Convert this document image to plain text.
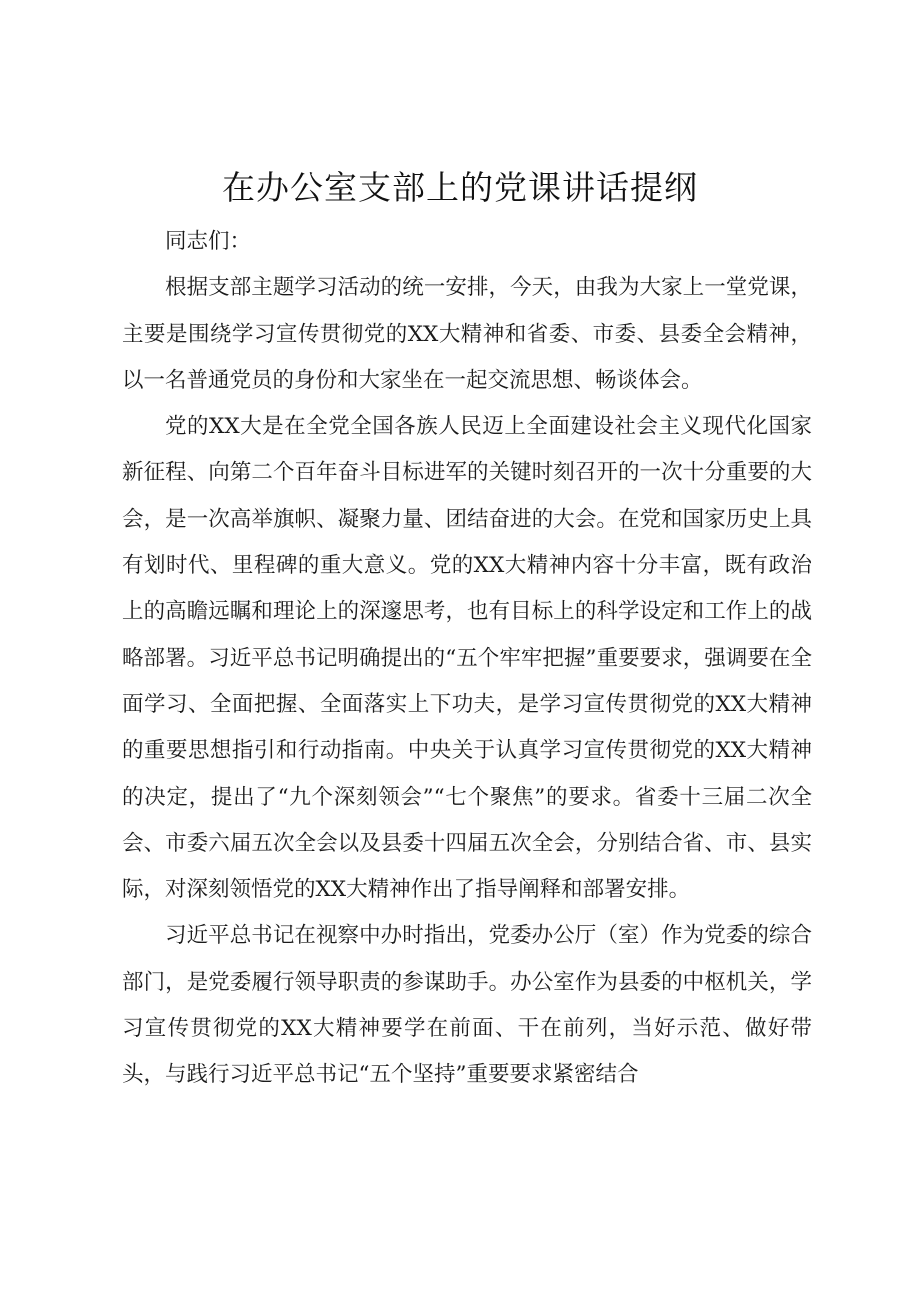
在办公室支部上的党课讲话提纲

同志们：

根据支部主题学习活动的统一安排，今天，由我为大家上一堂党课，主要是围绕学习宣传贯彻党的XX大精神和省委、市委、县委全会精神，以一名普通党员的身份和大家坐在一起交流思想、畅谈体会。

党的XX大是在全党全国各族人民迈上全面建设社会主义现代化国家新征程、向第二个百年奋斗目标进军的关键时刻召开的一次十分重要的大会，是一次高举旗帜、凝聚力量、团结奋进的大会。在党和国家历史上具有划时代、里程碑的重大意义。党的XX大精神内容十分丰富，既有政治上的高瞻远瞩和理论上的深邃思考，也有目标上的科学设定和工作上的战略部署。习近平总书记明确提出的“五个牢牢把握”重要要求，强调要在全面学习、全面把握、全面落实上下功夫，是学习宣传贯彻党的XX大精神的重要思想指引和行动指南。中央关于认真学习宣传贯彻党的XX大精神的决定，提出了“九个深刻领会”“七个聚焦”的要求。省委十三届二次全会、市委六届五次全会以及县委十四届五次全会，分别结合省、市、县实际，对深刻领悟党的XX大精神作出了指导阐释和部署安排。

习近平总书记在视察中办时指出，党委办公厅（室）作为党委的综合部门，是党委履行领导职责的参谋助手。办公室作为县委的中枢机关，学习宣传贯彻党的XX大精神要学在前面、干在前列，当好示范、做好带头，与践行习近平总书记“五个坚持”重要要求紧密结合
